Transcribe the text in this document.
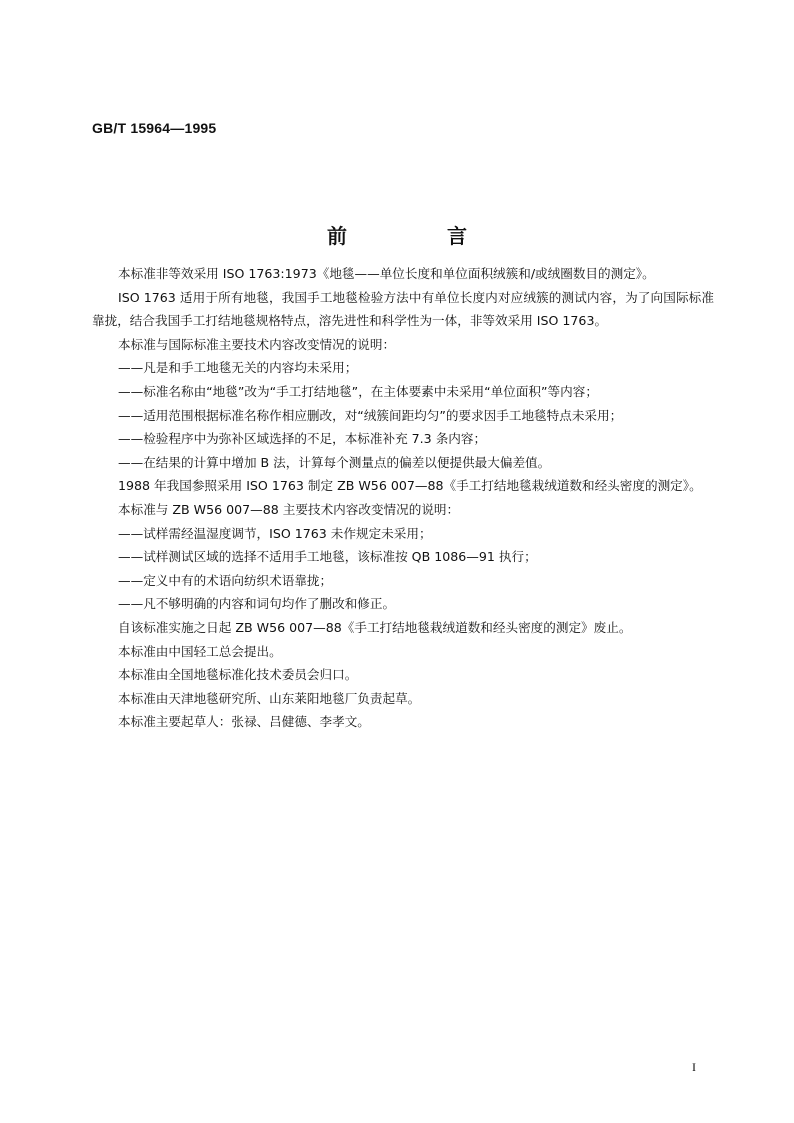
GB/T 15964—1995
前　言

本标准非等效采用 ISO 1763:1973《地毯——单位长度和单位面积绒簇和/或绒圈数目的测定》。

ISO 1763 适用于所有地毯，我国手工地毯检验方法中有单位长度内对应绒簇的测试内容，为了向国际标准靠拢，结合我国手工打结地毯规格特点，溶先进性和科学性为一体，非等效采用 ISO 1763。

本标准与国际标准主要技术内容改变情况的说明：

——凡是和手工地毯无关的内容均未采用；

——标准名称由“地毯”改为“手工打结地毯”，在主体要素中未采用“单位面积”等内容；

——适用范围根据标准名称作相应删改，对“绒簇间距均匀”的要求因手工地毯特点未采用；

——检验程序中为弥补区域选择的不足，本标准补充 7.3 条内容；

——在结果的计算中增加 B 法，计算每个测量点的偏差以便提供最大偏差值。

1988 年我国参照采用 ISO 1763 制定 ZB W56 007—88《手工打结地毯栽绒道数和经头密度的测定》。

本标准与 ZB W56 007—88 主要技术内容改变情况的说明：

——试样需经温湿度调节，ISO 1763 未作规定未采用；

——试样测试区域的选择不适用手工地毯，该标准按 QB 1086—91 执行；

——定义中有的术语向纺织术语靠拢；

——凡不够明确的内容和词句均作了删改和修正。

自该标准实施之日起 ZB W56 007—88《手工打结地毯栽绒道数和经头密度的测定》废止。

本标准由中国轻工总会提出。

本标准由全国地毯标准化技术委员会归口。

本标准由天津地毯研究所、山东莱阳地毯厂负责起草。

本标准主要起草人：张禄、吕健德、李孝文。

I
